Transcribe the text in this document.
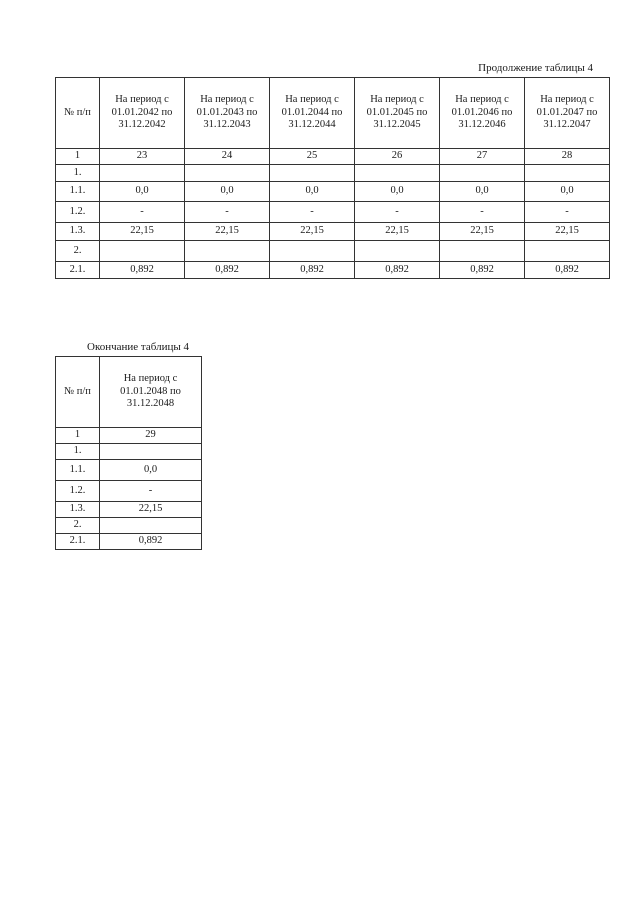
Продолжение таблицы 4
№ п/п	На период с 01.01.2042 по 31.12.2042	На период с 01.01.2043 по 31.12.2043	На период с 01.01.2044 по 31.12.2044	На период с 01.01.2045 по 31.12.2045	На период с 01.01.2046 по 31.12.2046	На период с 01.01.2047 по 31.12.2047
1	23	24	25	26	27	28
1.						
1.1.	0,0	0,0	0,0	0,0	0,0	0,0
1.2.	-	-	-	-	-	-
1.3.	22,15	22,15	22,15	22,15	22,15	22,15
2.						
2.1.	0,892	0,892	0,892	0,892	0,892	0,892
Окончание таблицы 4
№ п/п	На период с 01.01.2048 по 31.12.2048
1	29
1.	
1.1.	0,0
1.2.	-
1.3.	22,15
2.	
2.1.	0,892
